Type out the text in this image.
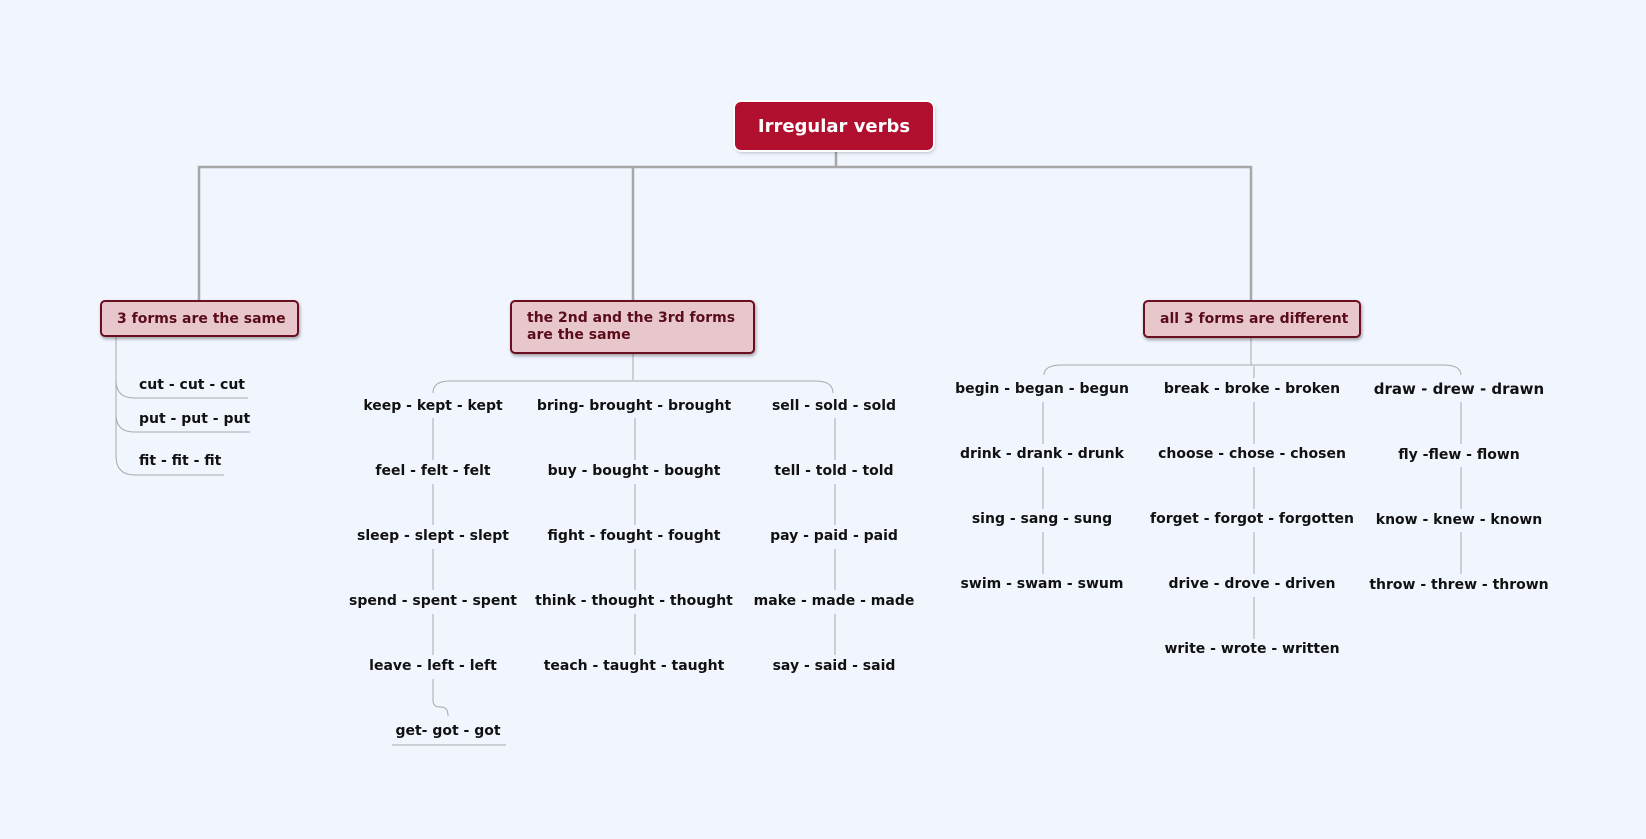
Irregular verbs
3 forms are the same	the 2nd and the 3rd forms are the same
all 3 forms are different
cut - cut - cut
put - put - put
fit - fit - fit
keep - kept - kept
feel - felt - felt
sleep - slept - slept
spend - spent - spent
leave - left - left
get- got - got
bring- brought - brought
buy - bought - bought
fight - fought - fought
think - thought - thought
teach - taught - taught
sell - sold - sold
tell - told - told
pay - paid - paid
make - made - made
say - said - said
begin - began - begun
drink - drank - drunk
sing - sang - sung
swim - swam - swum
break - broke - broken
choose - chose - chosen
forget - forgot - forgotten
drive - drove - driven
write - wrote - written
draw - drew - drawn
fly -flew - flown
know - knew - known
throw - threw - thrown
